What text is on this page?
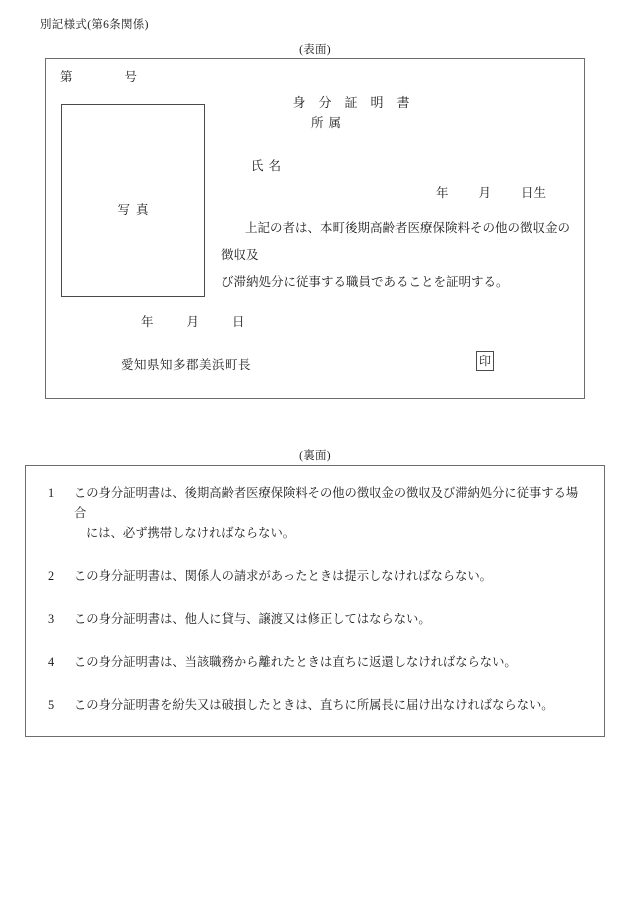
別記様式(第6条関係)
(表面)
第	号
写真
身分証明書
所属
氏名
年 月 日生
上記の者は、本町後期高齢者医療保険料その他の徴収金の徴収及
び滞納処分に従事する職員であることを証明する。
年	月	日
愛知県知多郡美浜町長	印
(裏面)
1	この身分証明書は、後期高齢者医療保険料その他の徴収金の徴収及び滞納処分に従事する場合
には、必ず携帯しなければならない。
2	この身分証明書は、関係人の請求があったときは提示しなければならない。
3	この身分証明書は、他人に貸与、譲渡又は修正してはならない。
4	この身分証明書は、当該職務から離れたときは直ちに返還しなければならない。
5	この身分証明書を紛失又は破損したときは、直ちに所属長に届け出なければならない。
